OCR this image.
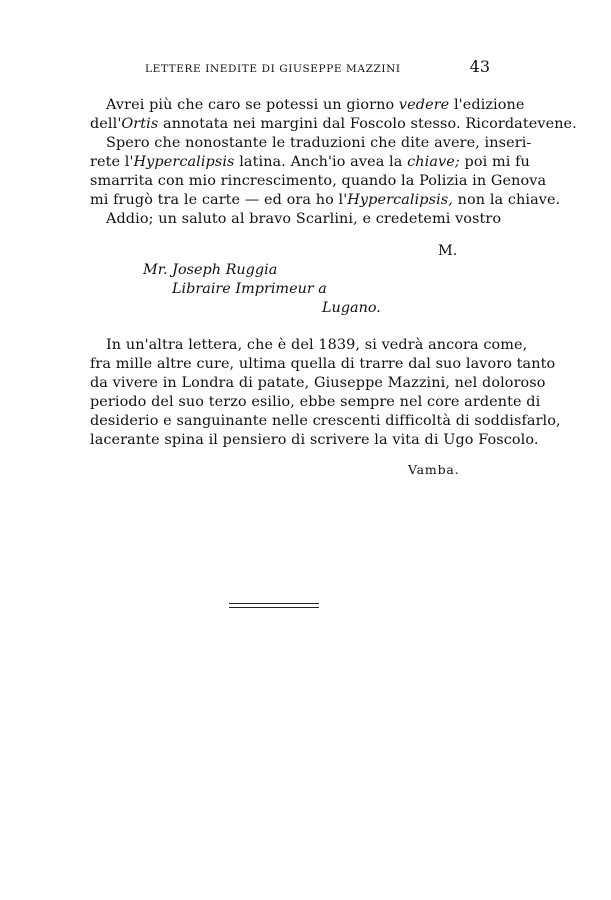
LETTERE INEDITE DI GIUSEPPE MAZZINI	43
Avrei più che caro se potessi un giorno vedere l'edizione
dell'Ortis annotata nei margini dal Foscolo stesso. Ricordatevene.
Spero che nonostante le traduzioni che dite avere, inseri-
rete l'Hypercalipsis latina. Anch'io avea la chiave; poi mi fu
smarrita con mio rincrescimento, quando la Polizia in Genova
mi frugò tra le carte — ed ora ho l'Hypercalipsis, non la chiave.
Addio; un saluto al bravo Scarlini, e credetemi vostro
M.
Mr. Joseph Ruggia
Libraire Imprimeur a
Lugano.
In un'altra lettera, che è del 1839, si vedrà ancora come,
fra mille altre cure, ultima quella di trarre dal suo lavoro tanto
da vivere in Londra di patate, Giuseppe Mazzini, nel doloroso
periodo del suo terzo esilio, ebbe sempre nel core ardente di
desiderio e sanguinante nelle crescenti difficoltà di soddisfarlo,
lacerante spina il pensiero di scrivere la vita di Ugo Foscolo.
Vamba.
